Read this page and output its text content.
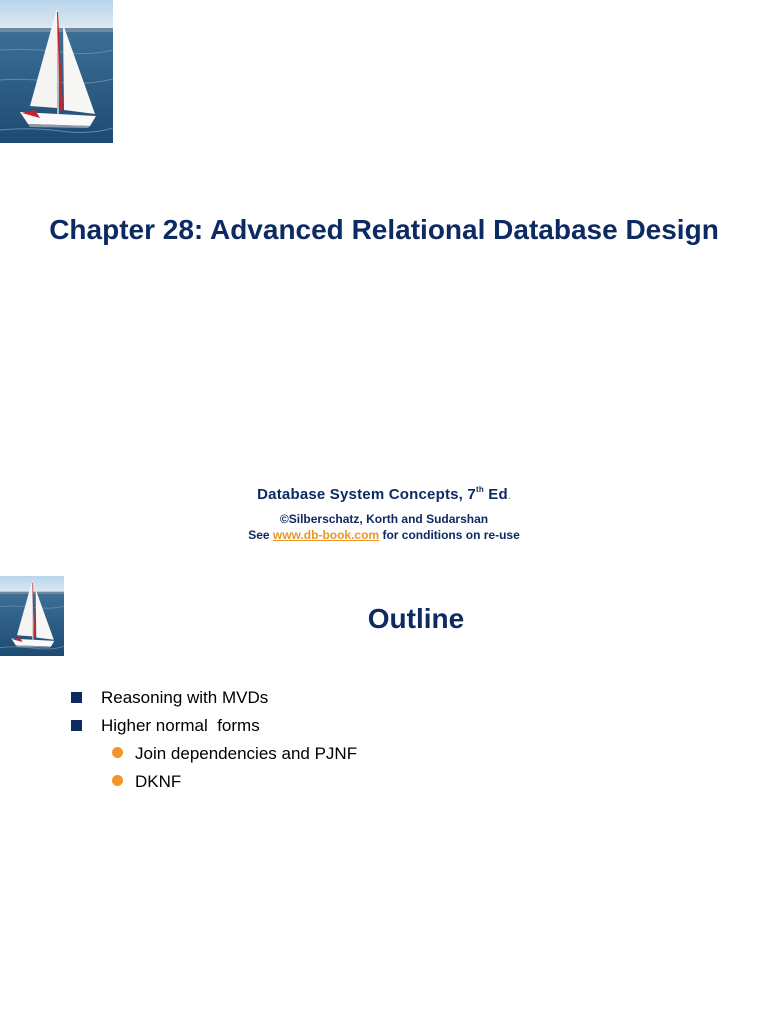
Chapter 28: Advanced Relational Database Design
Database System Concepts, 7th Ed.
©Silberschatz, Korth and Sudarshan
See www.db-book.com for conditions on re-use
Outline
Reasoning with MVDs
Higher normal  forms
Join dependencies and PJNF
DKNF
